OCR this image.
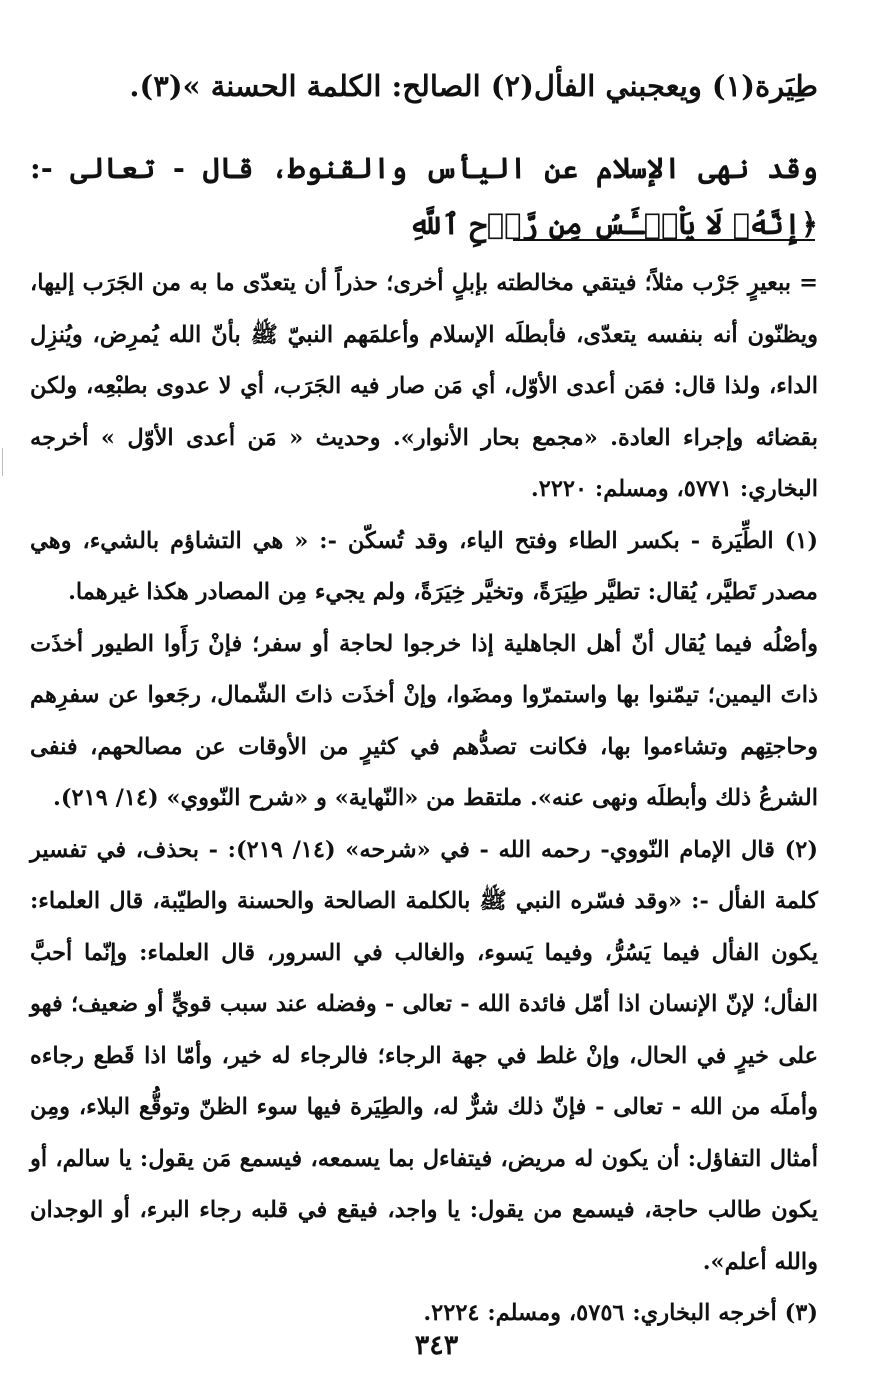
طِيَرة(١) ويعجبني الفأل(٢) الصالح: الكلمة الحسنة »(٣).

وقد نهى الإسلام عن اليأس والقنوط، قال - تعالى -: ﴿إِنَّهُۥ لَا يَاْيۡـَٔسُ مِن رَّوۡحِ ٱللَّهِ

= ببعيرٍ جَرْب مثلاً؛ فيتقي مخالطته بإبلٍ أخرى؛ حذراً أن يتعدّى ما به من الجَرَب إليها، ويظنّون أنه بنفسه يتعدّى، فأبطلَه الإسلام وأعلمَهم النبيّ ﷺ بأنّ الله يُمرِض، ويُنزِل الداء، ولذا قال: فمَن أعدى الأوّل، أي مَن صار فيه الجَرَب، أي لا عدوى بطبْعِه، ولكن بقضائه وإجراء العادة. «مجمع بحار الأنوار». وحديث « مَن أعدى الأوّل » أخرجه البخاري: ٥٧٧١، ومسلم: ٢٢٢٠.

(١) الطِّيَرة - بكسر الطاء وفتح الياء، وقد تُسكّن -: « هي التشاؤم بالشيء، وهي مصدر تَطيَّر، يُقال: تطيَّر طِيَرَةً، وتخيَّر خِيَرَةً، ولم يجيء مِن المصادر هكذا غيرهما.

وأصْلُه فيما يُقال أنّ أهل الجاهلية إذا خرجوا لحاجة أو سفر؛ فإنْ رَأَوا الطيور أخذَت ذاتَ اليمين؛ تيمّنوا بها واستمرّوا ومضَوا، وإنْ أخذَت ذاتَ الشّمال، رجَعوا عن سفرِهم وحاجتِهم وتشاءموا بها، فكانت تصدُّهم في كثيرٍ من الأوقات عن مصالحهم، فنفى الشرعُ ذلك وأبطلَه ونهى عنه». ملتقط من «النّهاية» و «شرح النّووي» (١٤/ ٢١٩).

(٢) قال الإمام النّووي- رحمه الله - في «شرحه» (١٤/ ٢١٩): - بحذف، في تفسير كلمة الفأل -: «وقد فسّره النبي ﷺ بالكلمة الصالحة والحسنة والطيّبة، قال العلماء: يكون الفأل فيما يَسُرُّ، وفيما يَسوء، والغالب في السرور، قال العلماء: وإنّما أحبَّ الفأل؛ لإنّ الإنسان اذا أمّل فائدة الله - تعالى - وفضله عند سبب قويٍّ أو ضعيف؛ فهو على خيرٍ في الحال، وإنْ غلط في جهة الرجاء؛ فالرجاء له خير، وأمّا اذا قَطع رجاءه وأملَه من الله - تعالى - فإنّ ذلك شرٌّ له، والطِيَرة فيها سوء الظنّ وتوقُّع البلاء، ومِن أمثال التفاؤل: أن يكون له مريض، فيتفاءل بما يسمعه، فيسمع مَن يقول: يا سالم، أو يكون طالب حاجة، فيسمع من يقول: يا واجد، فيقع في قلبه رجاء البرء، أو الوجدان والله أعلم».

(٣) أخرجه البخاري: ٥٧٥٦، ومسلم: ٢٢٢٤.

٣٤٣
